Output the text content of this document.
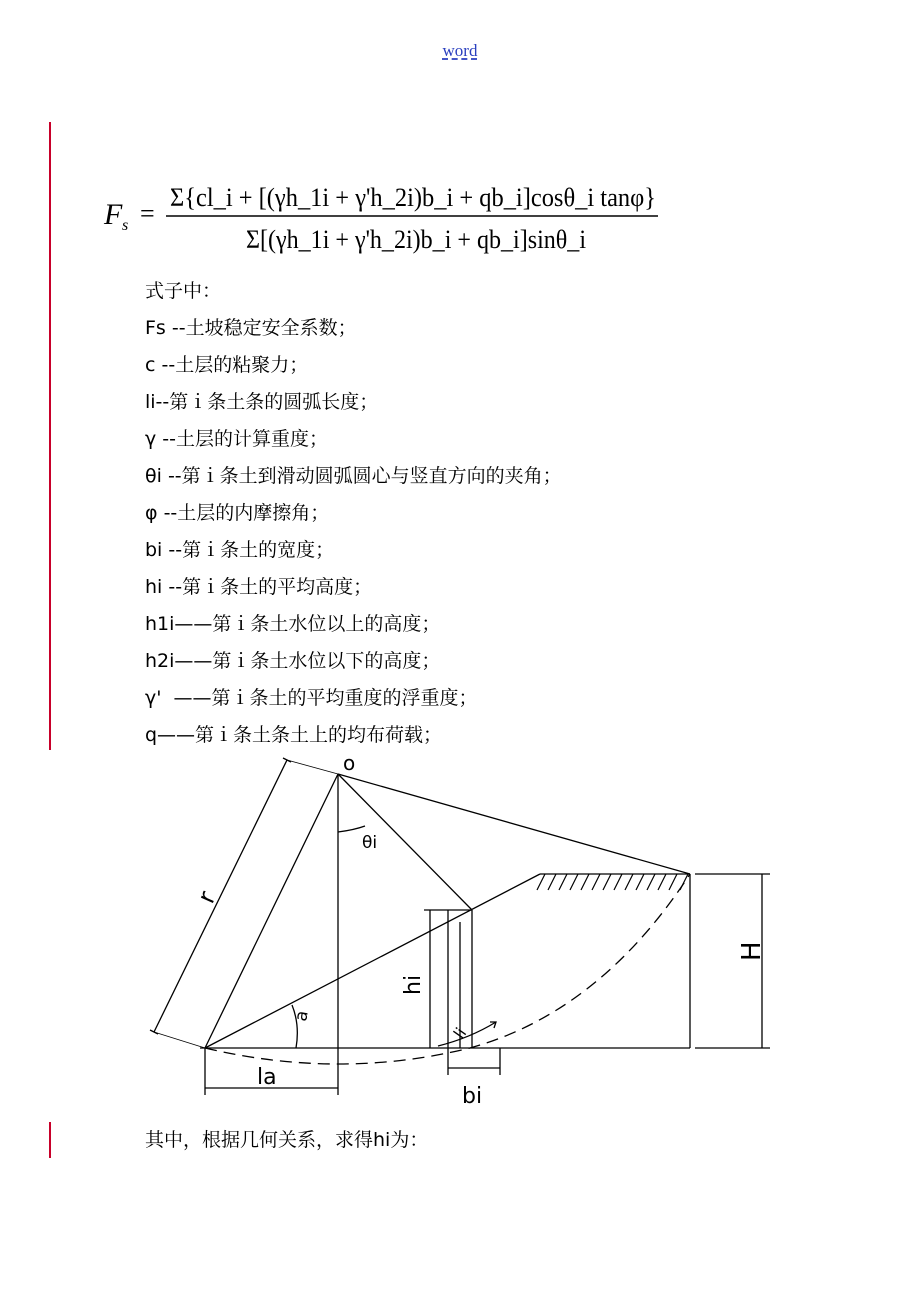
word
F s =
Σ{cl_i + [(γh_1i + γ'h_2i)b_i + qb_i]cosθ_i tanφ}
Σ[(γh_1i + γ'h_2i)b_i + qb_i]sinθ_i
式子中：
Fs --土坡稳定安全系数；
c --土层的粘聚力；
li--第ｉ条土条的圆弧长度；
γ --土层的计算重度；
θi --第ｉ条土到滑动圆弧圆心与竖直方向的夹角；
φ --土层的内摩擦角；
bi --第ｉ条土的宽度；
hi --第ｉ条土的平均高度；
h1i——第ｉ条土水位以上的高度；
h2i——第ｉ条土水位以下的高度；
γ'  ——第ｉ条土的平均重度的浮重度；
q——第ｉ条土条土上的均布荷载；
o
r
θi
hi
a
li
la
bi
H
其中，根据几何关系，求得hi为：
